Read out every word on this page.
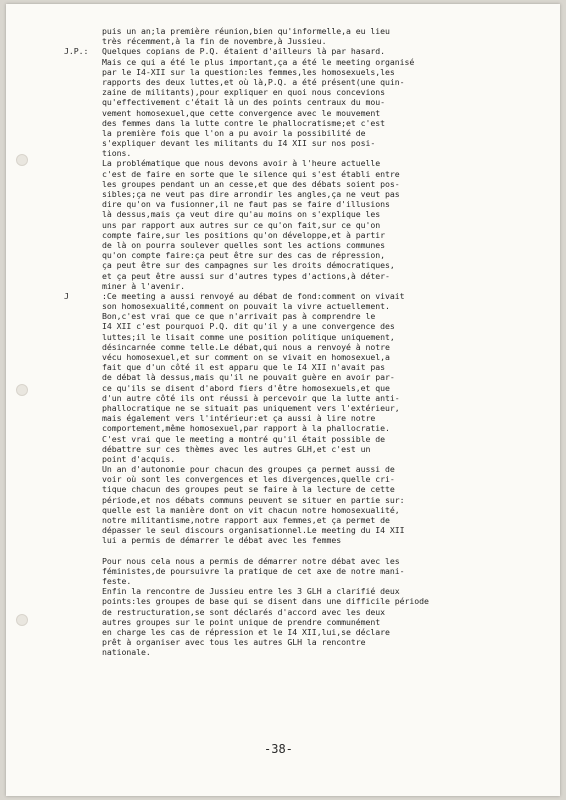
puis un an;la première réunion,bien qu'informelle,a eu lieu
très récemment,à la fin de novembre,à Jussieu.
J.P.: Quelques copians de P.Q. étaient d'ailleurs là par hasard.
Mais ce qui a été le plus important,ça a été le meeting organisé
par le I4-XII sur la question:les femmes,les homosexuels,les
rapports des deux luttes,et où là,P.Q. a été présent(une quin-
zaine de militants),pour expliquer en quoi nous concevions
qu'effectivement c'était là un des points centraux du mou-
vement homosexuel,que cette convergence avec le mouvement
des femmes dans la lutte contre le phallocratisme;et c'est
la première fois que l'on a pu avoir la possibilité de
s'expliquer devant les militants du I4 XII sur nos posi-
tions.
La problématique que nous devons avoir à l'heure actuelle
c'est de faire en sorte que le silence qui s'est établi entre
les groupes pendant un an cesse,et que des débats soient pos-
sibles;ça ne veut pas dire arrondir les angles,ça ne veut pas
dire qu'on va fusionner,il ne faut pas se faire d'illusions
là dessus,mais ça veut dire qu'au moins on s'explique les
uns par rapport aux autres sur ce qu'on fait,sur ce qu'on
compte faire,sur les positions qu'on développe,et à partir
de là on pourra soulever quelles sont les actions communes
qu'on compte faire:ça peut être sur des cas de répression,
ça peut être sur des campagnes sur les droits démocratiques,
et ça peut être aussi sur d'autres types d'actions,à déter-
miner à l'avenir.
J	:Ce meeting a aussi renvoyé au débat de fond:comment on vivait
son homosexualité,comment on pouvait la vivre actuellement.
Bon,c'est vrai que ce que n'arrivait pas à comprendre le
I4 XII c'est pourquoi P.Q. dit qu'il y a une convergence des
luttes;il le lisait comme une position politique uniquement,
désincarnée comme telle.Le débat,qui nous a renvoyé à notre
vécu homosexuel,et sur comment on se vivait en homosexuel,a
fait que d'un côté il est apparu que le I4 XII n'avait pas
de débat là dessus,mais qu'il ne pouvait guère en avoir par-
ce qu'ils se disent d'abord fiers d'être homosexuels,et que
d'un autre côté ils ont réussi à percevoir que la lutte anti-
phallocratique ne se situait pas uniquement vers l'extérieur,
mais également vers l'intérieur:et ça aussi à lire notre
comportement,même homosexuel,par rapport à la phallocratie.
C'est vrai que le meeting a montré qu'il était possible de
débattre sur ces thèmes avec les autres GLH,et c'est un
point d'acquis.
Un an d'autonomie pour chacun des groupes ça permet aussi de
voir où sont les convergences et les divergences,quelle cri-
tique chacun des groupes peut se faire à la lecture de cette
période,et nos débats communs peuvent se situer en partie sur:
quelle est la manière dont on vit chacun notre homosexualité,
notre militantisme,notre rapport aux femmes,et ça permet de
dépasser le seul discours organisationnel.Le meeting du I4 XII
lui a permis de démarrer le débat avec les femmes
Pour nous cela nous a permis de démarrer notre débat avec les
féministes,de poursuivre la pratique de cet axe de notre mani-
feste.
Enfin la rencontre de Jussieu entre les 3 GLH a clarifié deux
points:les groupes de base qui se disent dans une difficile période
de restructuration,se sont déclarés d'accord avec les deux
autres groupes sur le point unique de prendre communément
en charge les cas de répression et le I4 XII,lui,se déclare
prêt à organiser avec tous les autres GLH la rencontre
nationale.
-38-
